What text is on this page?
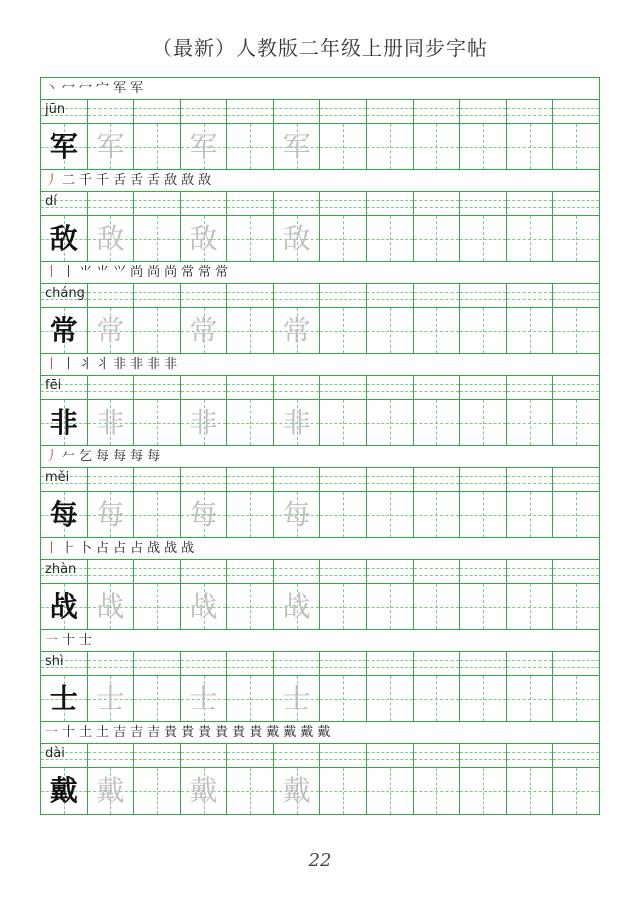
（最新）人教版二年级上册同步字帖
丶 冖 冖 宀 军 军
jūn
军 军 军 军
丿 二 千 千 舌 舌 舌 敌 敌 敌
dí
敌 敌 敌 敌
丨 丨 ⺌ ⺌ ⺍ 尚 尚 尚 常 常 常
cháng
常 常 常 常
丨 丨 丬 丬 非 非 非 非
fēi
非 非 非 非
丿 𠂉 乞 每 每 每 每
měi
每 每 每 每
丨 ⺊ 卜 占 占 占 战 战 战
zhàn
战 战 战 战
一 十 士
shì
士 士 士 士
一 十 土 土 吉 吉 吉 貴 貴 貴 貴 貴 貴 戴 戴 戴 戴
dài
戴 戴 戴 戴
22
